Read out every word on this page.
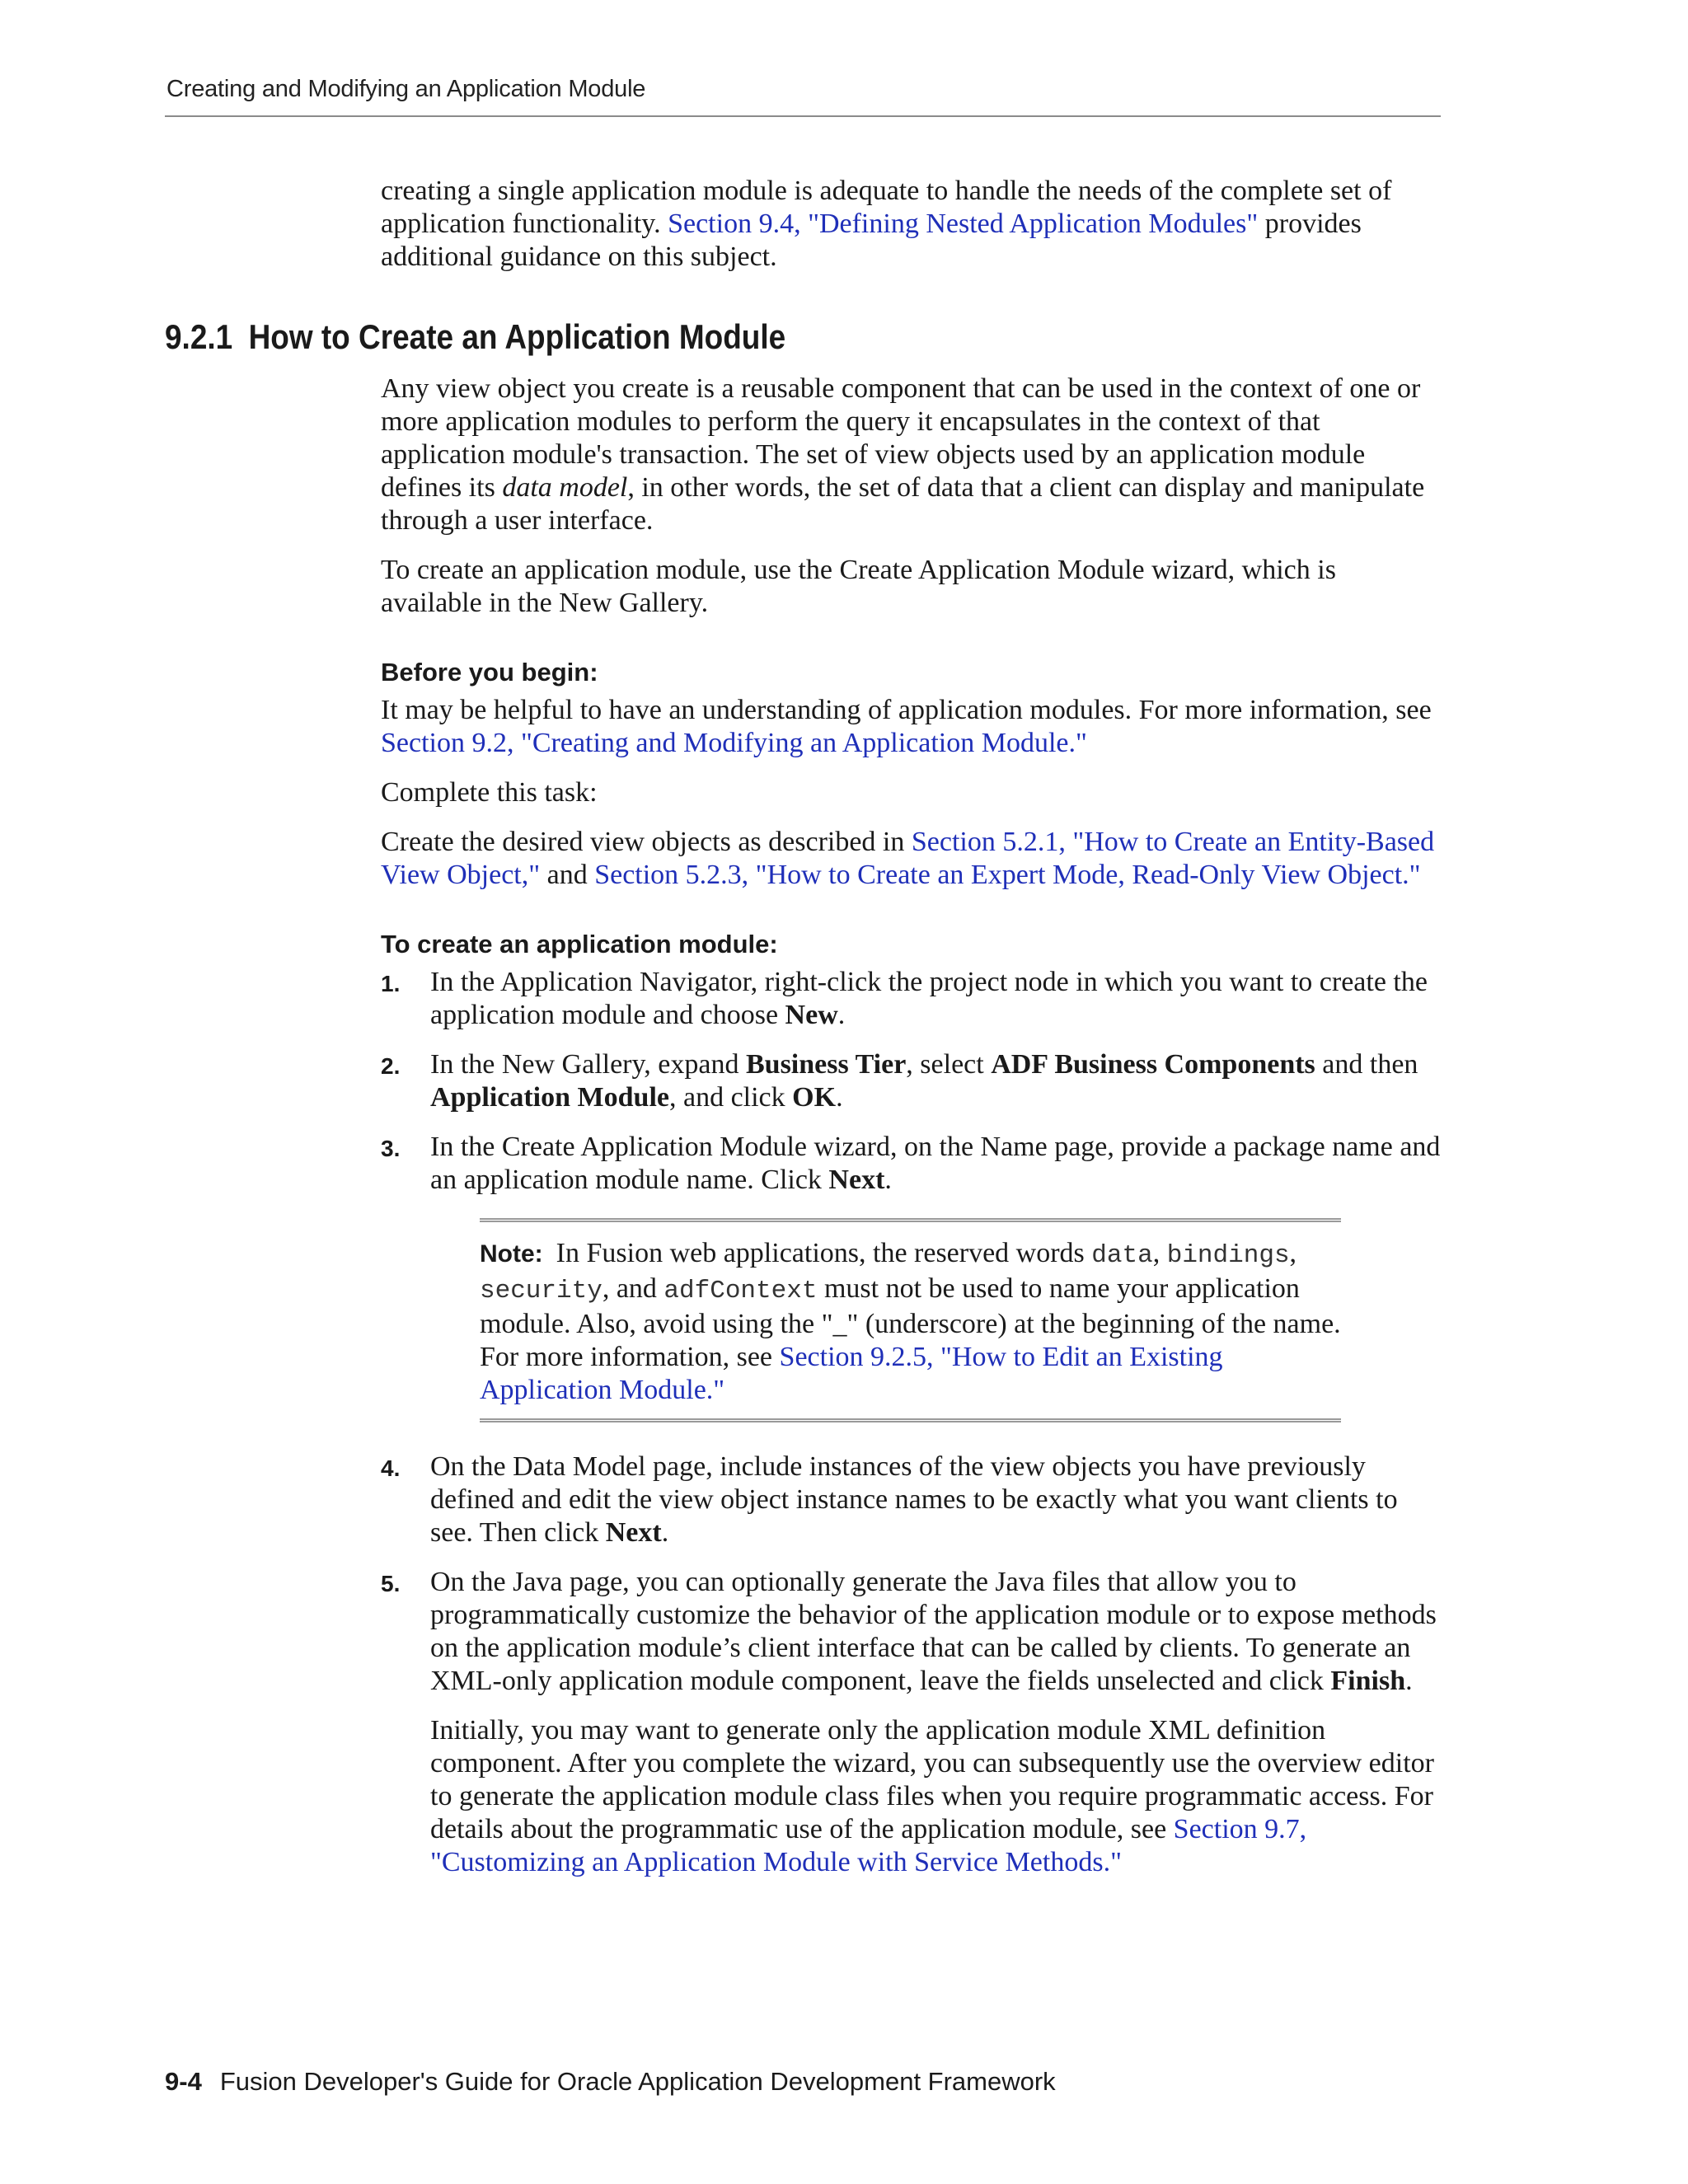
Creating and Modifying an Application Module

creating a single application module is adequate to handle the needs of the complete set of application functionality. Section 9.4, "Defining Nested Application Modules" provides additional guidance on this subject.

9.2.1 How to Create an Application Module

Any view object you create is a reusable component that can be used in the context of one or more application modules to perform the query it encapsulates in the context of that application module's transaction. The set of view objects used by an application module defines its data model, in other words, the set of data that a client can display and manipulate through a user interface.

To create an application module, use the Create Application Module wizard, which is available in the New Gallery.

Before you begin:

It may be helpful to have an understanding of application modules. For more information, see Section 9.2, "Creating and Modifying an Application Module."

Complete this task:

Create the desired view objects as described in Section 5.2.1, "How to Create an Entity-Based View Object," and Section 5.2.3, "How to Create an Expert Mode, Read-Only View Object."

To create an application module:
1. In the Application Navigator, right-click the project node in which you want to create the application module and choose New.
2. In the New Gallery, expand Business Tier, select ADF Business Components and then Application Module, and click OK.
3. In the Create Application Module wizard, on the Name page, provide a package name and an application module name. Click Next.
Note: In Fusion web applications, the reserved words data, bindings, security, and adfContext must not be used to name your application module. Also, avoid using the "_" (underscore) at the beginning of the name. For more information, see Section 9.2.5, "How to Edit an Existing Application Module."
4. On the Data Model page, include instances of the view objects you have previously defined and edit the view object instance names to be exactly what you want clients to see. Then click Next.
5. On the Java page, you can optionally generate the Java files that allow you to programmatically customize the behavior of the application module or to expose methods on the application module’s client interface that can be called by clients. To generate an XML-only application module component, leave the fields unselected and click Finish.

Initially, you may want to generate only the application module XML definition component. After you complete the wizard, you can subsequently use the overview editor to generate the application module class files when you require programmatic access. For details about the programmatic use of the application module, see Section 9.7, "Customizing an Application Module with Service Methods."

9-4 Fusion Developer's Guide for Oracle Application Development Framework
